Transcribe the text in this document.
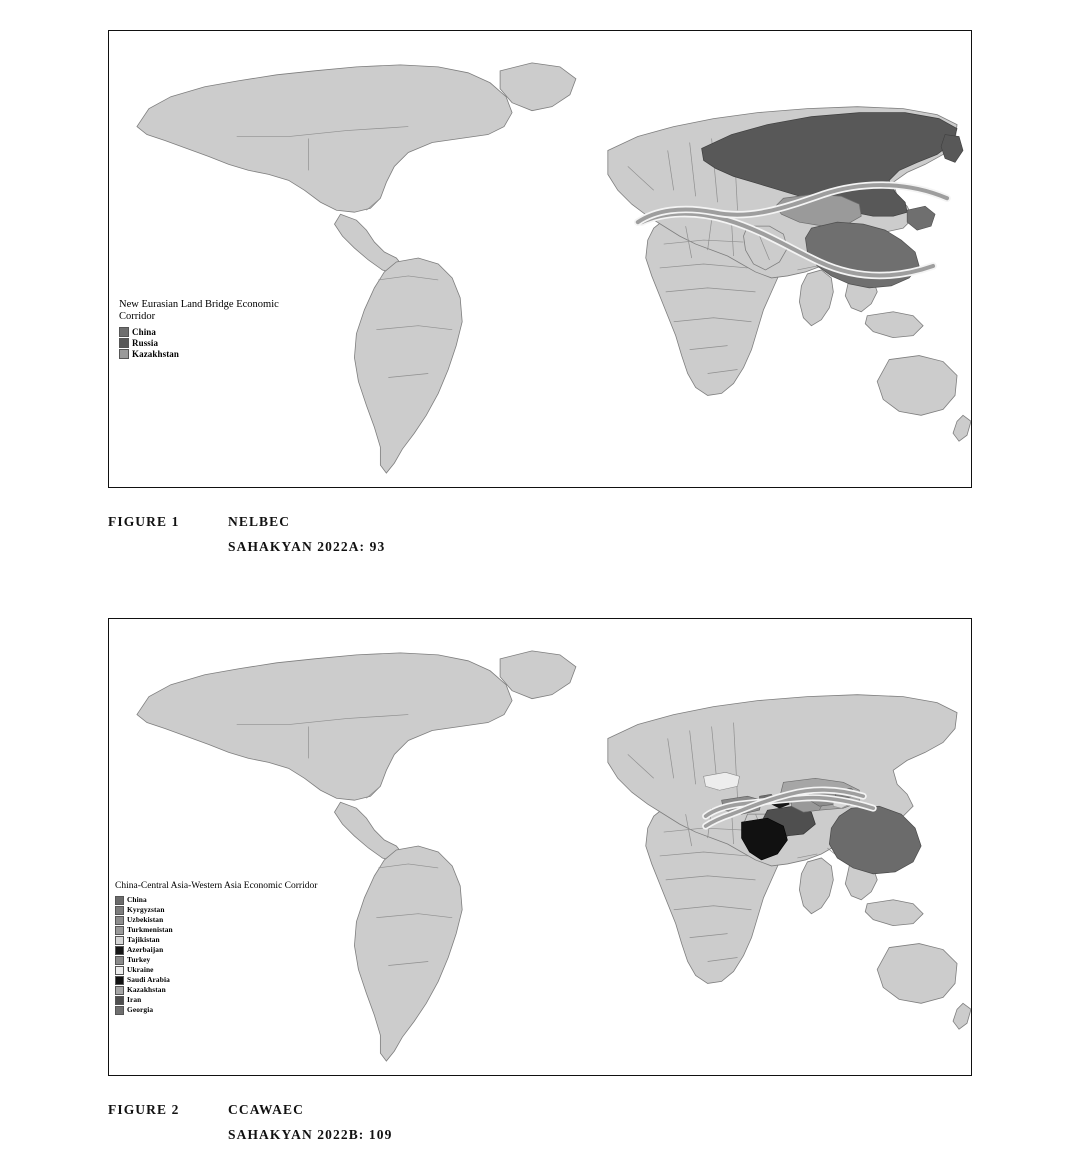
New Eurasian Land Bridge Economic Corridor
China
Russia
Kazakhstan
FIGURE 1	NELBEC
SAHAKYAN 2022A: 93
China-Central Asia-Western Asia Economic Corridor
China
Kyrgyzstan
Uzbekistan
Turkmenistan
Tajikistan
Azerbaijan
Turkey
Ukraine
Saudi Arabia
Kazakhstan
Iran
Georgia
FIGURE 2	CCAWAEC
SAHAKYAN 2022B: 109
